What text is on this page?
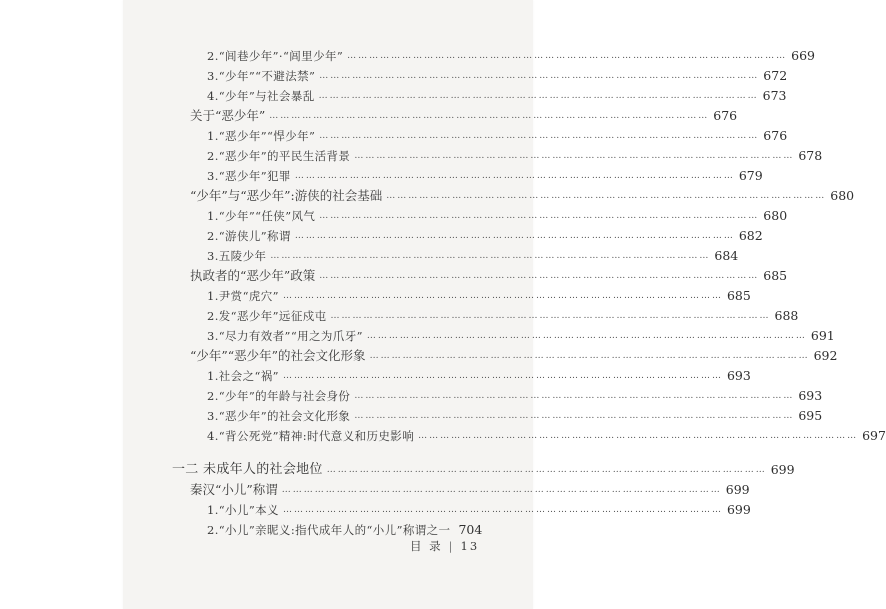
2.“闾巷少年”·“闾里少年” ………………………………………………………………………………………………………… 669
3.“少年”“不避法禁” ………………………………………………………………………………………………………… 672
4.“少年”与社会暴乱 ………………………………………………………………………………………………………… 673
关于“恶少年” ………………………………………………………………………………………………………… 676
1.“恶少年”“悍少年” ………………………………………………………………………………………………………… 676
2.“恶少年”的平民生活背景 ………………………………………………………………………………………………………… 678
3.“恶少年”犯罪 ………………………………………………………………………………………………………… 679
“少年”与“恶少年”:游侠的社会基础 ………………………………………………………………………………………………………… 680
1.“少年”“任侠”风气 ………………………………………………………………………………………………………… 680
2.“游侠儿”称谓 ………………………………………………………………………………………………………… 682
3.五陵少年 ………………………………………………………………………………………………………… 684
执政者的“恶少年”政策 ………………………………………………………………………………………………………… 685
1.尹赏“虎穴” ………………………………………………………………………………………………………… 685
2.发“恶少年”远征戍屯 ………………………………………………………………………………………………………… 688
3.“尽力有效者”“用之为爪牙” ………………………………………………………………………………………………………… 691
“少年”“恶少年”的社会文化形象 ………………………………………………………………………………………………………… 692
1.社会之“祸” ………………………………………………………………………………………………………… 693
2.“少年”的年龄与社会身份 ………………………………………………………………………………………………………… 693
3.“恶少年”的社会文化形象 ………………………………………………………………………………………………………… 695
4.“背公死党”精神:时代意义和历史影响 ………………………………………………………………………………………………………… 697
一二 未成年人的社会地位 ………………………………………………………………………………………………………… 699
秦汉“小儿”称谓 ………………………………………………………………………………………………………… 699
1.“小儿”本义 ………………………………………………………………………………………………………… 699
2.“小儿”亲昵义:指代成年人的“小儿”称谓之一 704
目 录 | 13
